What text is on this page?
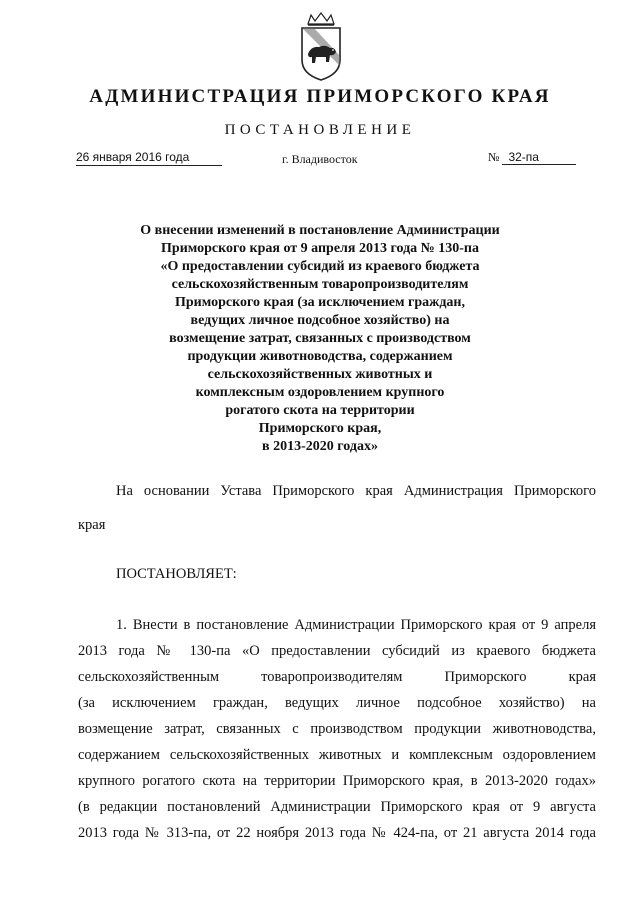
АДМИНИСТРАЦИЯ ПРИМОРСКОГО КРАЯ
ПОСТАНОВЛЕНИЕ
26 января 2016 года	г. Владивосток	№ 32-па
О внесении изменений в постановление Администрации
Приморского края от 9 апреля 2013 года № 130-па
«О предоставлении субсидий из краевого бюджета
сельскохозяйственным товаропроизводителям
Приморского края (за исключением граждан,
ведущих личное подсобное хозяйство) на
возмещение затрат, связанных с производством
продукции животноводства, содержанием
сельскохозяйственных животных и
комплексным оздоровлением крупного
рогатого скота на территории
Приморского края,
в 2013-2020 годах»
На основании Устава Приморского края Администрация Приморского
края
ПОСТАНОВЛЯЕТ:
1. Внести в постановление Администрации Приморского края от 9 апреля
2013 года № 130-па «О предоставлении субсидий из краевого бюджета
сельскохозяйственным товаропроизводителям Приморского края
(за исключением граждан, ведущих личное подсобное хозяйство) на
возмещение затрат, связанных с производством продукции животноводства,
содержанием сельскохозяйственных животных и комплексным оздоровлением
крупного рогатого скота на территории Приморского края, в 2013-2020 годах»
(в редакции постановлений Администрации Приморского края от 9 августа
2013 года № 313-па, от 22 ноября 2013 года № 424-па, от 21 августа 2014 года
